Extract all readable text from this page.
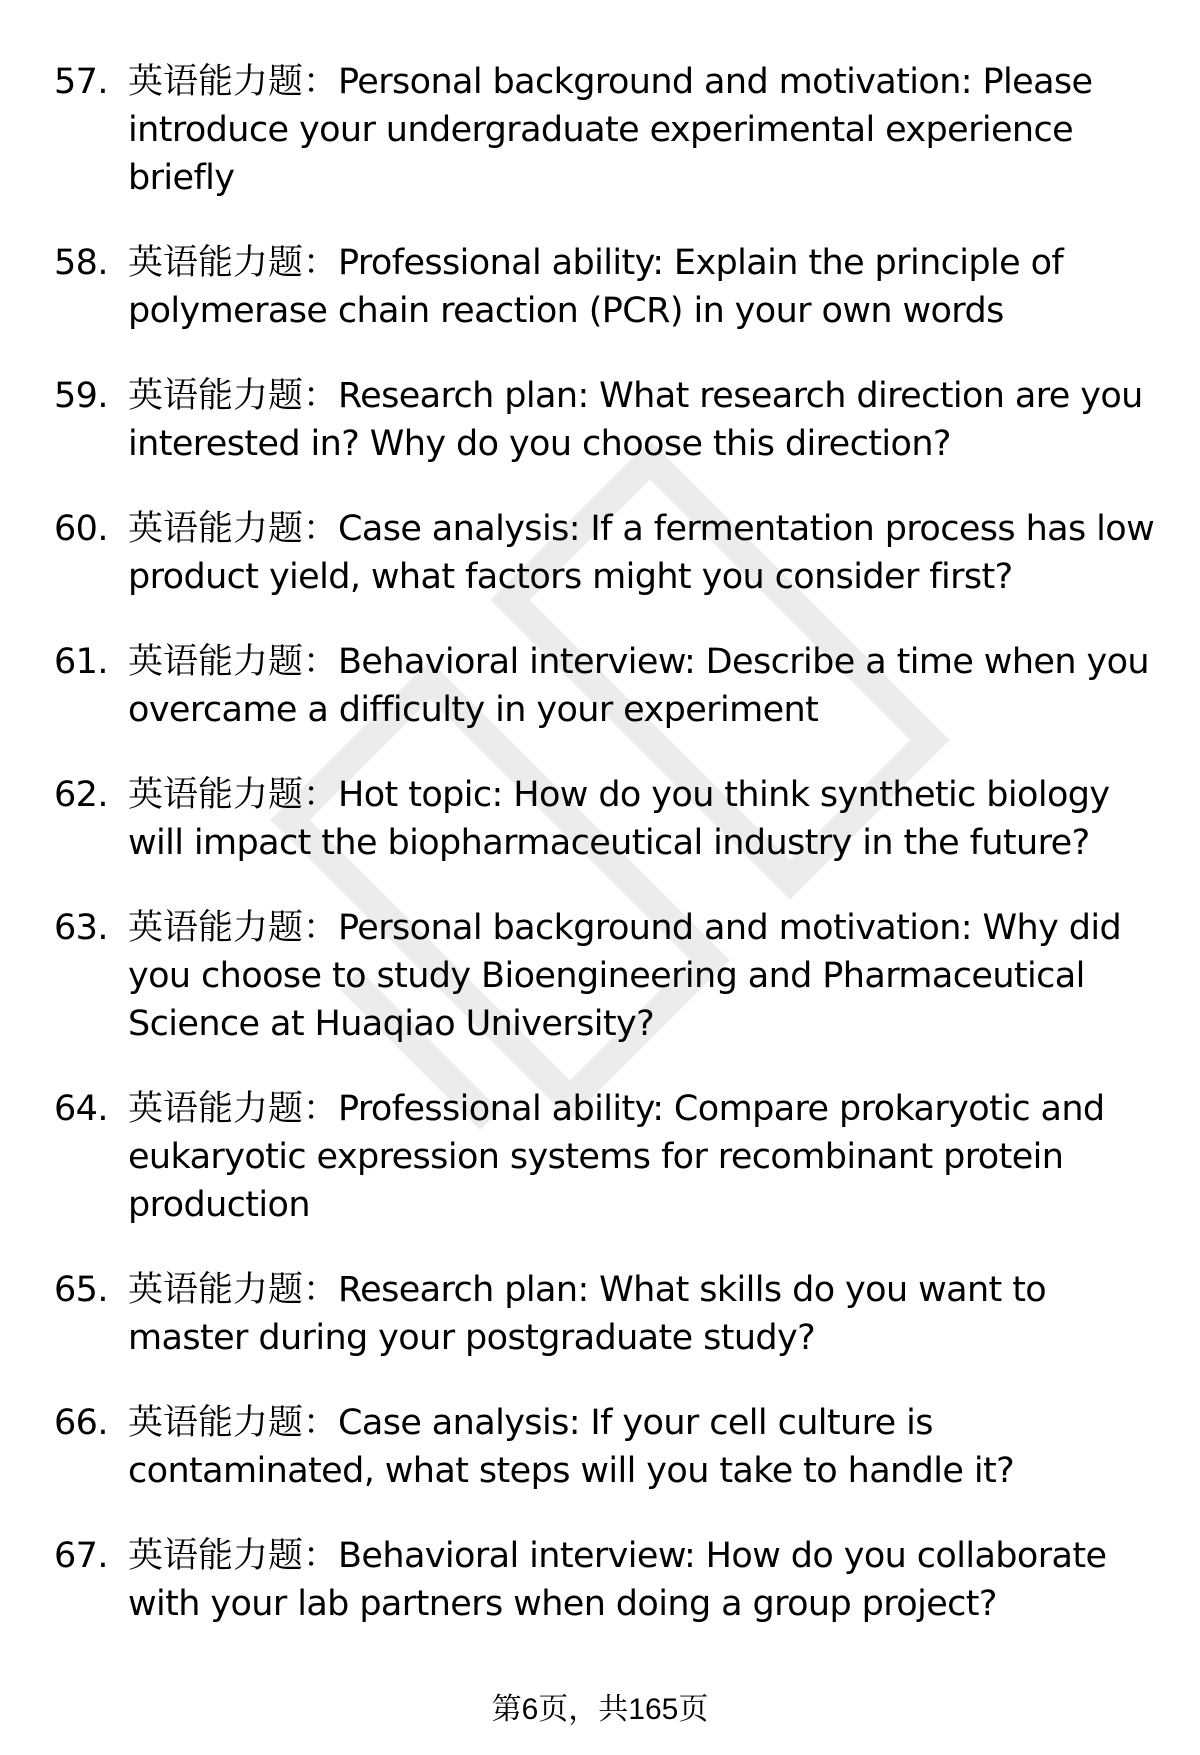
57. 英语能力题：Personal background and motivation: Please introduce your undergraduate experimental experience briefly
58. 英语能力题：Professional ability: Explain the principle of polymerase chain reaction (PCR) in your own words
59. 英语能力题：Research plan: What research direction are you interested in? Why do you choose this direction?
60. 英语能力题：Case analysis: If a fermentation process has low product yield, what factors might you consider first?
61. 英语能力题：Behavioral interview: Describe a time when you overcame a difficulty in your experiment
62. 英语能力题：Hot topic: How do you think synthetic biology will impact the biopharmaceutical industry in the future?
63. 英语能力题：Personal background and motivation: Why did you choose to study Bioengineering and Pharmaceutical Science at Huaqiao University?
64. 英语能力题：Professional ability: Compare prokaryotic and eukaryotic expression systems for recombinant protein production
65. 英语能力题：Research plan: What skills do you want to master during your postgraduate study?
66. 英语能力题：Case analysis: If your cell culture is contaminated, what steps will you take to handle it?
67. 英语能力题：Behavioral interview: How do you collaborate with your lab partners when doing a group project?
第6页，共165页
